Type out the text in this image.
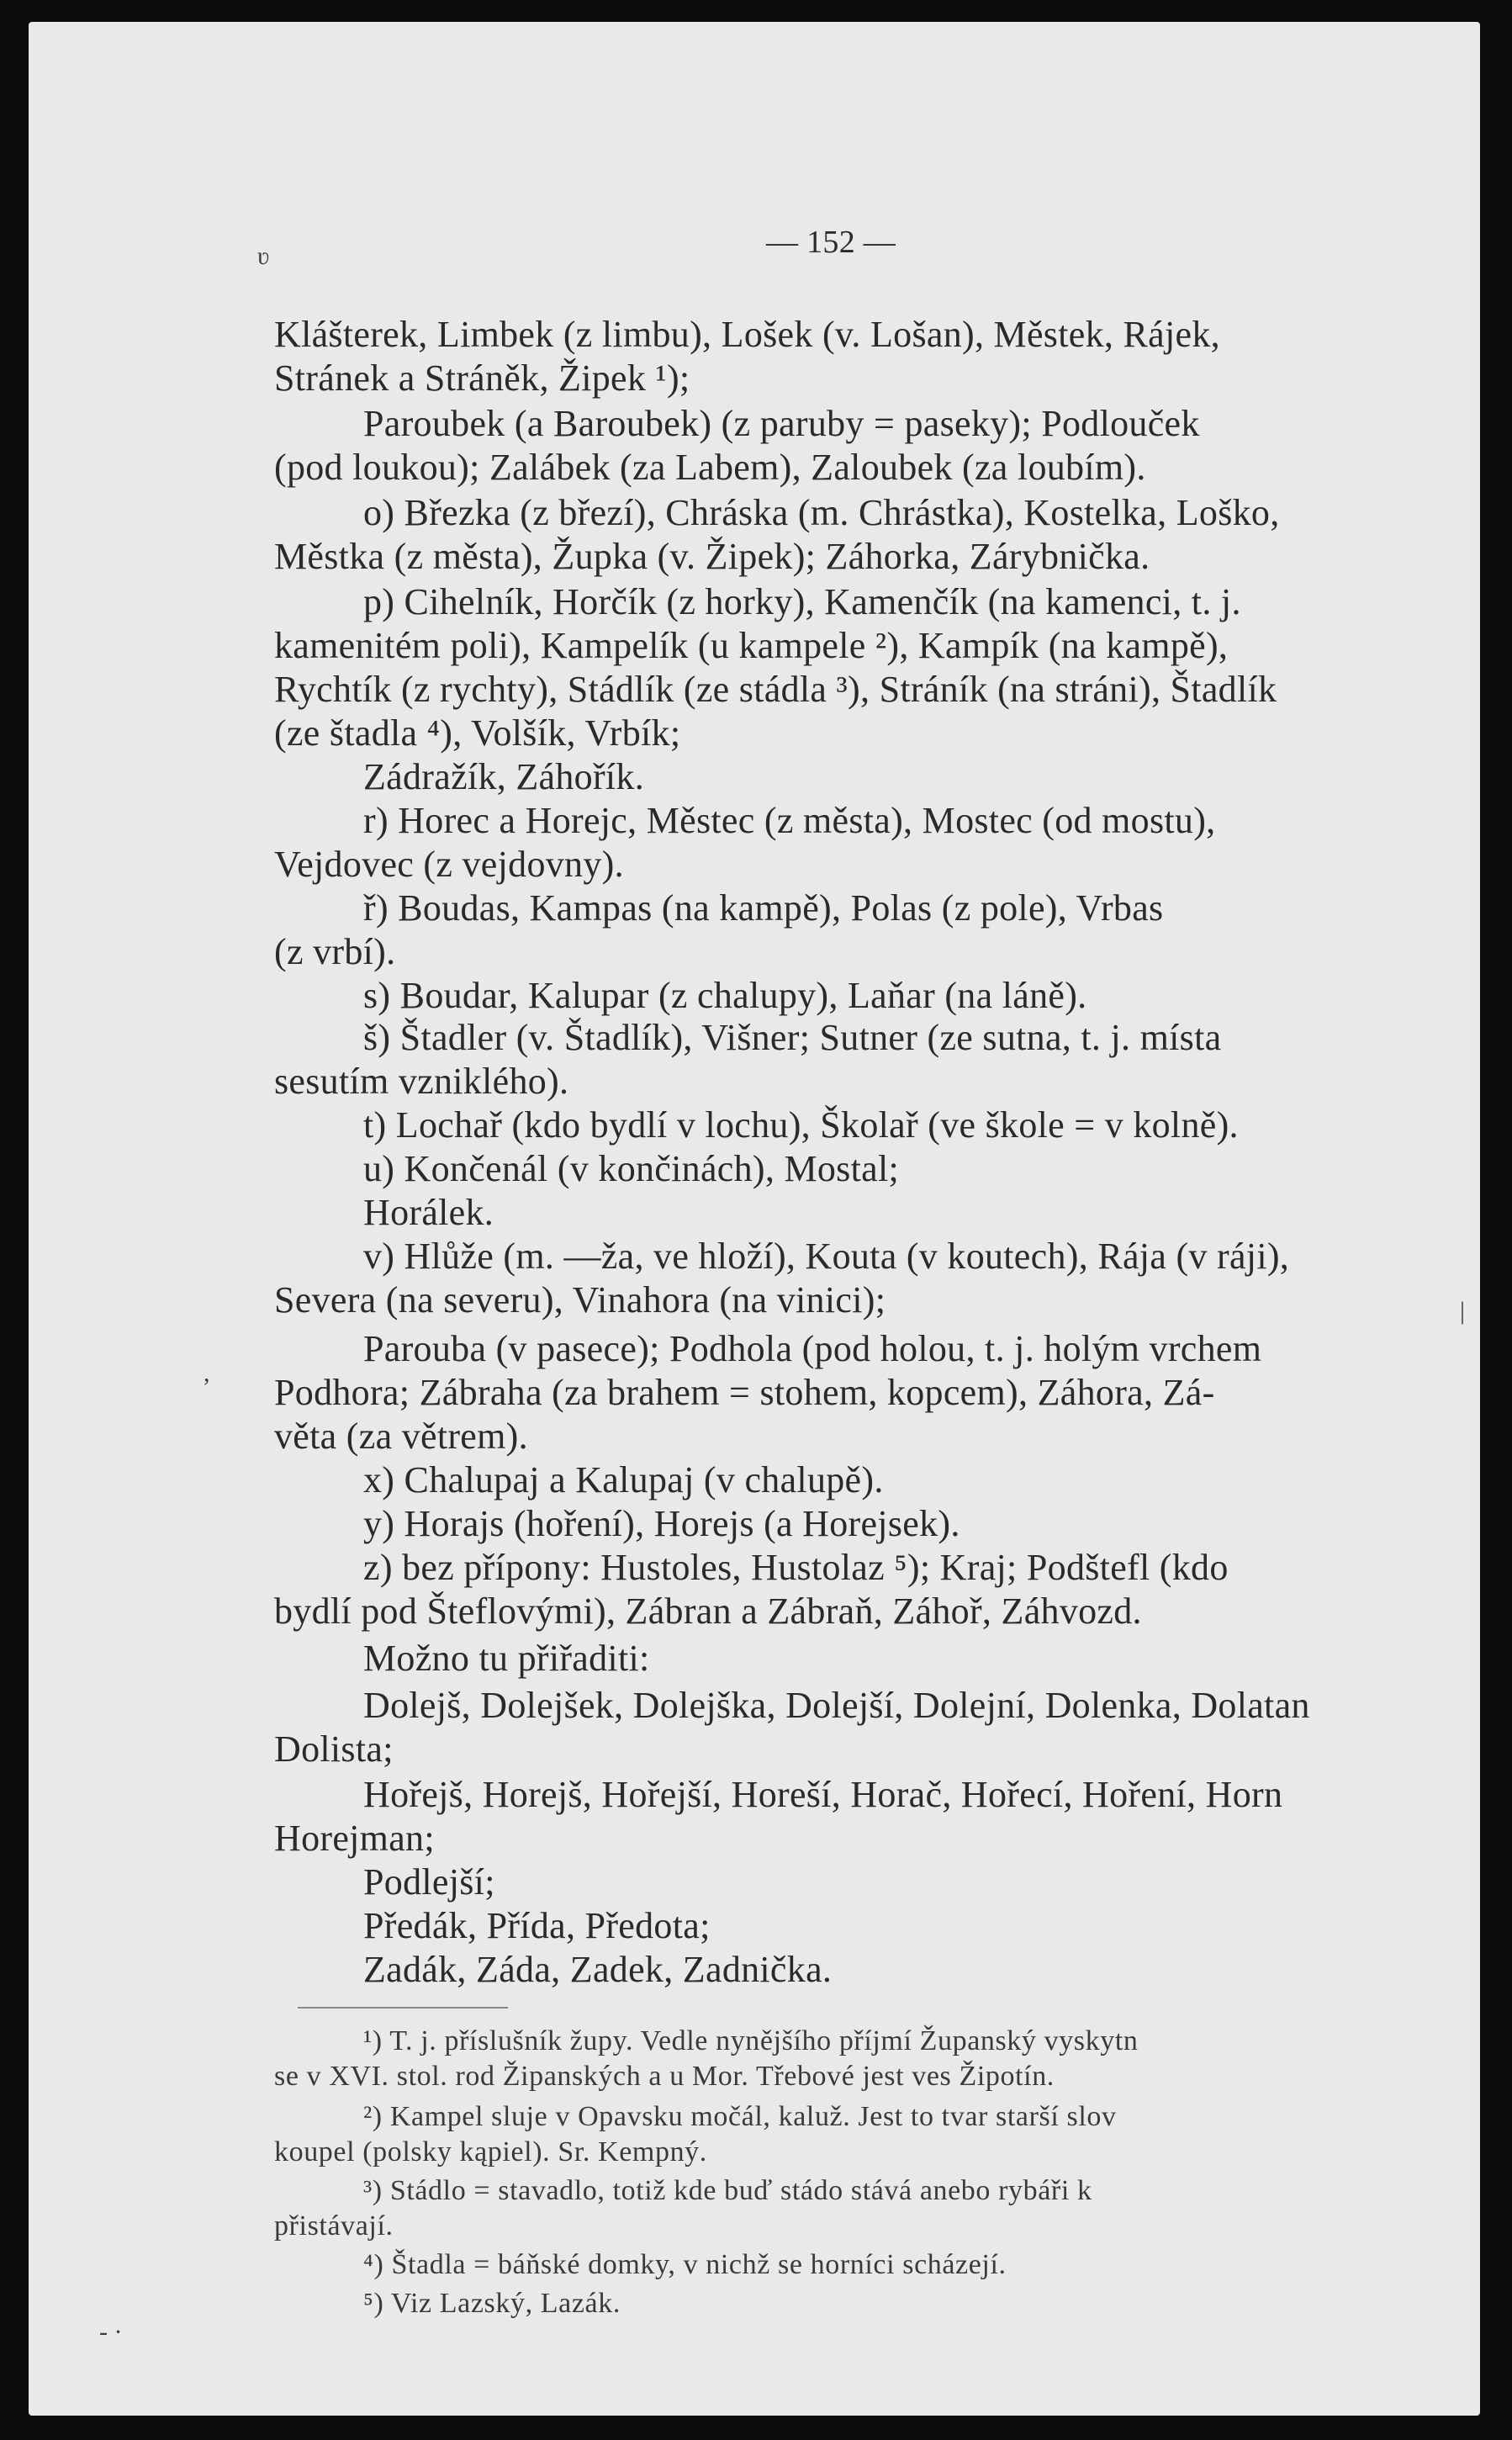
— 152 —
ʋ
Klášterek, Limbek (z limbu), Lošek (v. Lošan), Městek, Rájek,
Stránek a Stráněk, Žipek ¹);
Paroubek (a Baroubek) (z paruby = paseky); Podlouček
(pod loukou); Zalábek (za Labem), Zaloubek (za loubím).
o) Březka (z březí), Chráska (m. Chrástka), Kostelka, Loško,
Městka (z města), Župka (v. Žipek); Záhorka, Zárybnička.
p) Cihelník, Horčík (z horky), Kamenčík (na kamenci, t. j.
kamenitém poli), Kampelík (u kampele ²), Kampík (na kampě),
Rychtík (z rychty), Stádlík (ze stádla ³), Stráník (na stráni), Štadlík
(ze štadla ⁴), Volšík, Vrbík;
Zádražík, Záhořík.
r) Horec a Horejc, Městec (z města), Mostec (od mostu),
Vejdovec (z vejdovny).
ř) Boudas, Kampas (na kampě), Polas (z pole), Vrbas
(z vrbí).
s) Boudar, Kalupar (z chalupy), Laňar (na láně).
š) Štadler (v. Štadlík), Višner; Sutner (ze sutna, t. j. místa
sesutím vzniklého).
t) Lochař (kdo bydlí v lochu), Školař (ve škole = v kolně).
u) Končenál (v končinách), Mostal;
Horálek.
v) Hlůže (m. —ža, ve hloží), Kouta (v koutech), Rája (v ráji),
Severa (na severu), Vinahora (na vinici);
Parouba (v pasece); Podhola (pod holou, t. j. holým vrchem
Podhora; Zábraha (za brahem = stohem, kopcem), Záhora, Zá-
věta (za větrem).
x) Chalupaj a Kalupaj (v chalupě).
y) Horajs (hoření), Horejs (a Horejsek).
z) bez přípony: Hustoles, Hustolaz ⁵); Kraj; Podštefl (kdo
bydlí pod Šteflovými), Zábran a Zábraň, Záhoř, Záhvozd.
Možno tu přiřaditi:
Dolejš, Dolejšek, Dolejška, Dolejší, Dolejní, Dolenka, Dolatan
Dolista;
Hořejš, Horejš, Hořejší, Horeší, Horač, Hořecí, Hoření, Horn
Horejman;
Podlejší;
Předák, Přída, Předota;
Zadák, Záda, Zadek, Zadnička.
¹) T. j. příslušník župy. Vedle nynějšího příjmí Županský vyskytn
se v XVI. stol. rod Žipanských a u Mor. Třebové jest ves Žipotín.
²) Kampel sluje v Opavsku močál, kaluž. Jest to tvar starší slov
koupel (polsky kąpiel). Sr. Kempný.
³) Stádlo = stavadlo, totiž kde buď stádo stává anebo rybáři k
přistávají.
⁴) Štadla = báňské domky, v nichž se horníci scházejí.
⁵) Viz Lazský, Lazák.
,
|
- ·
